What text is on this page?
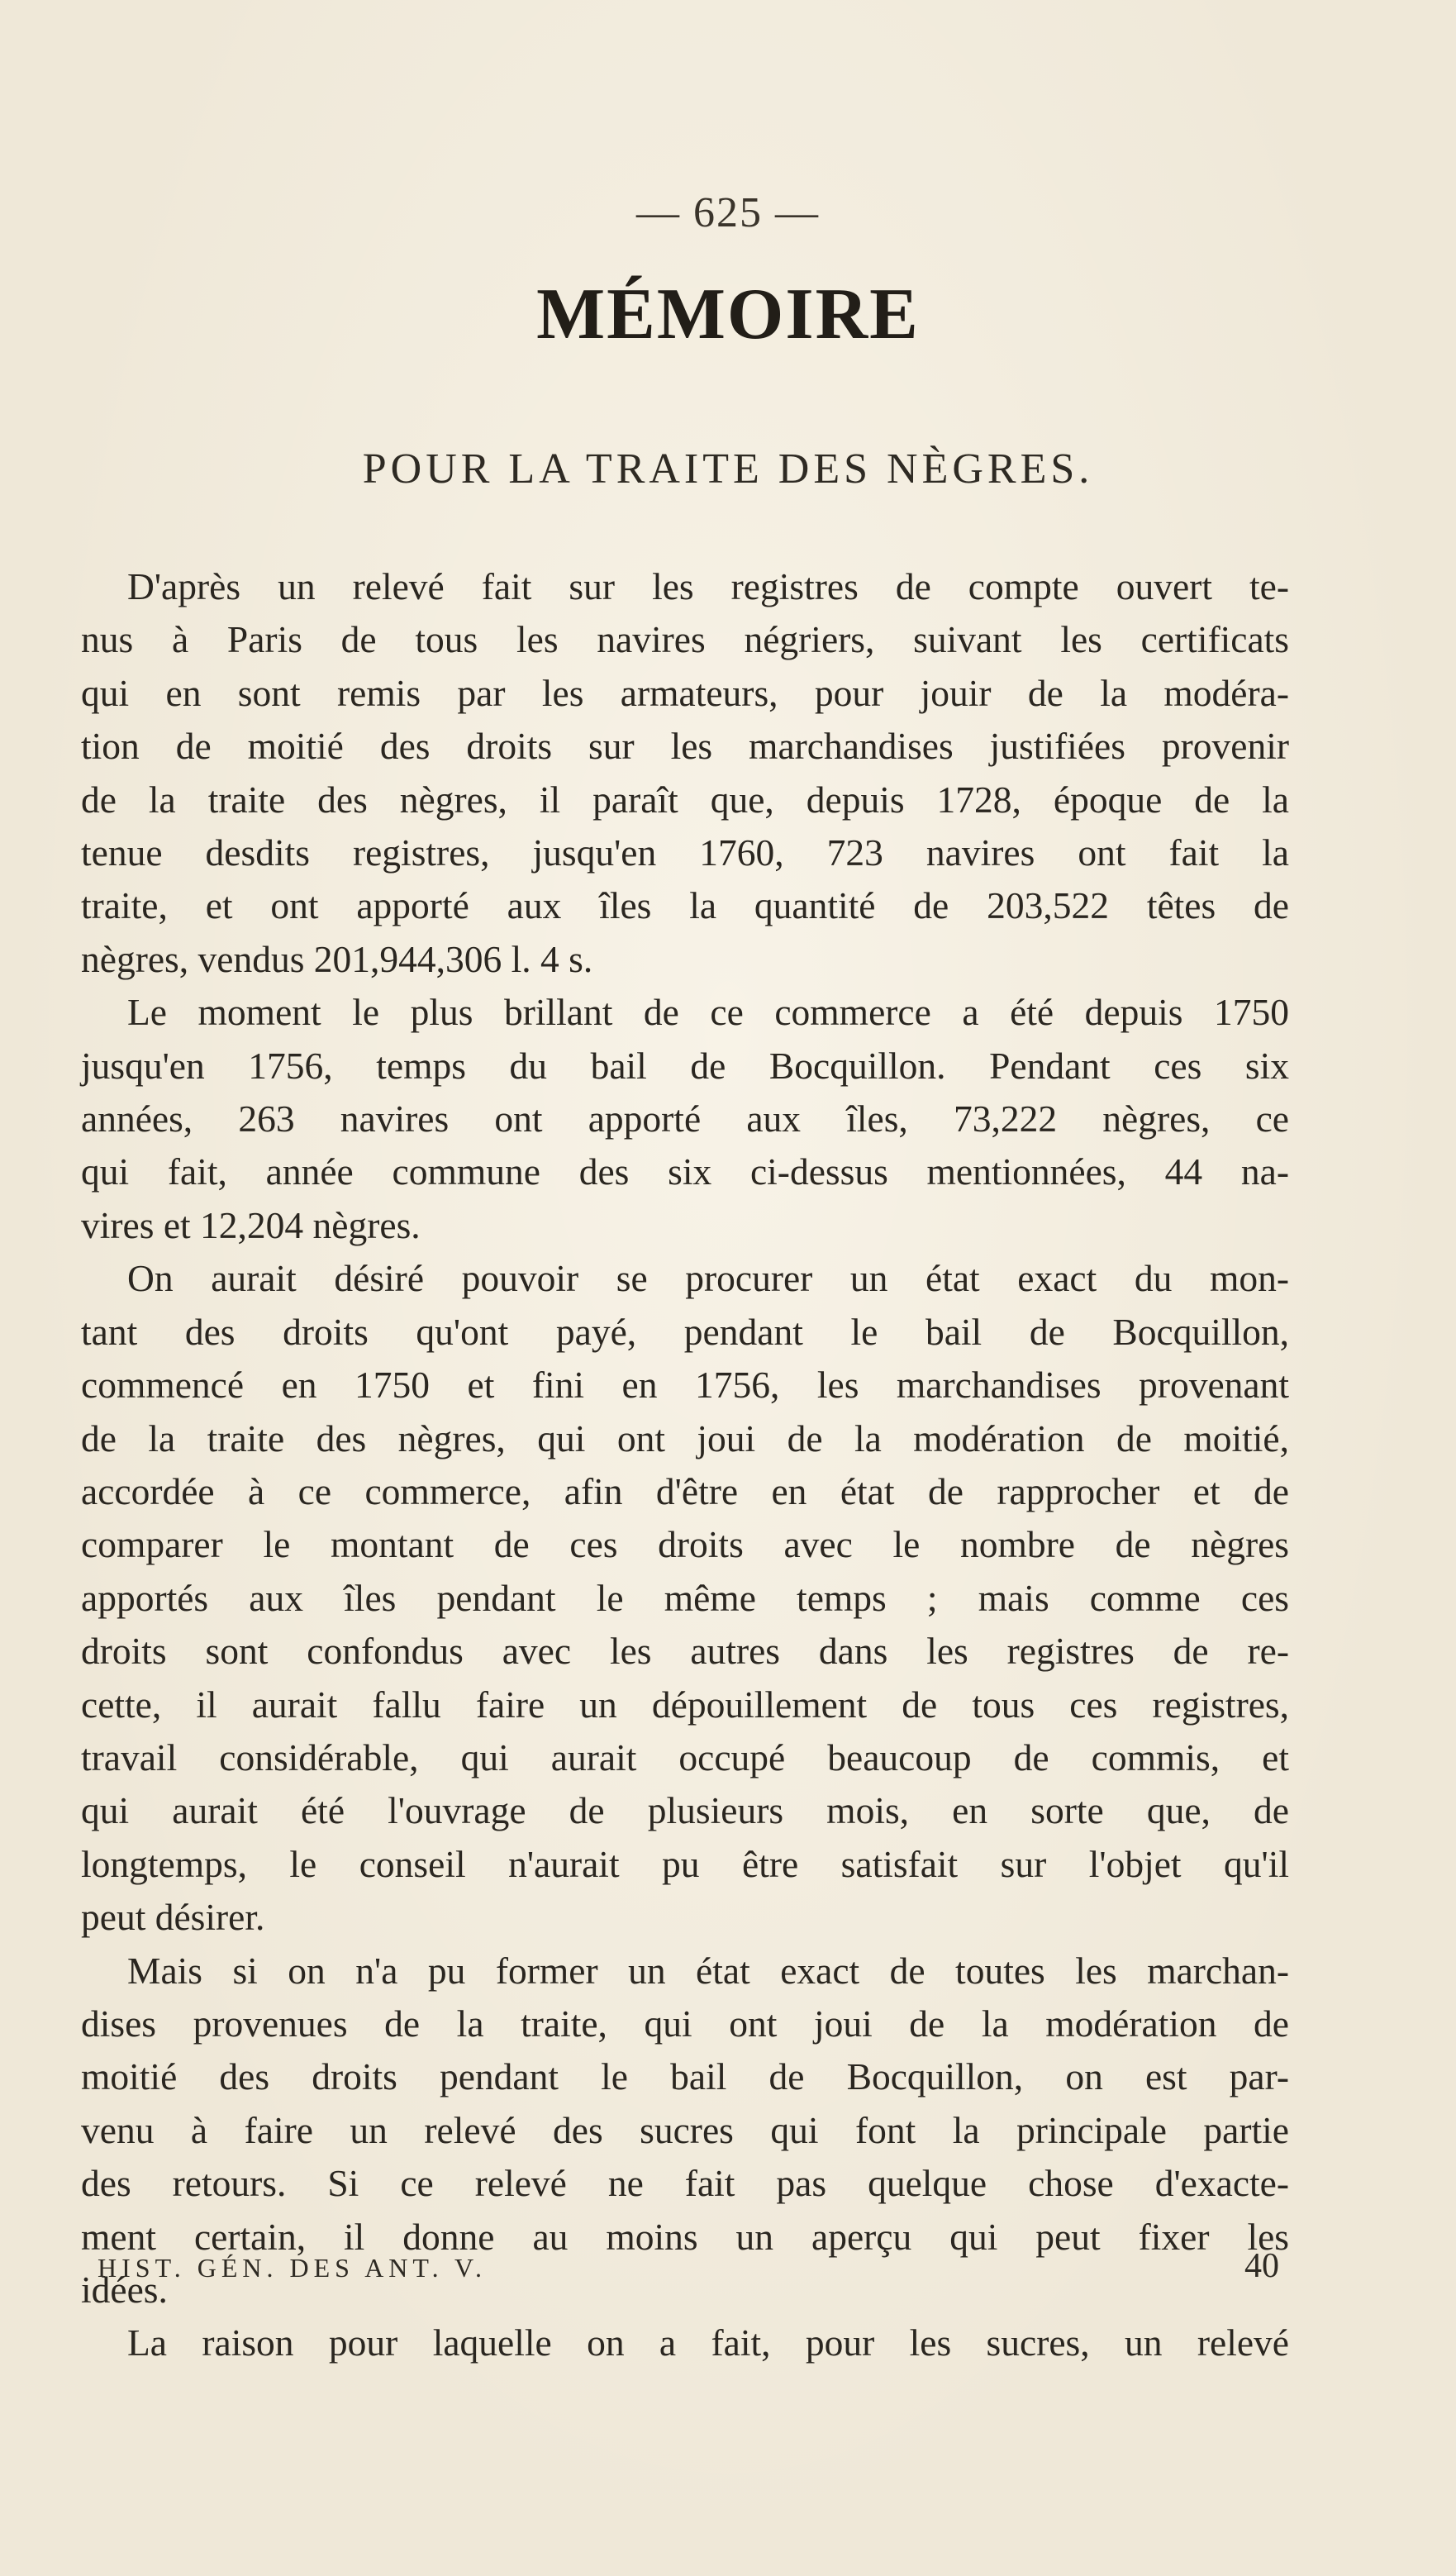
— 625 —
MÉMOIRE
POUR LA TRAITE DES NÈGRES.
D'après un relevé fait sur les registres de compte ouvert te-
nus à Paris de tous les navires négriers, suivant les certificats
qui en sont remis par les armateurs, pour jouir de la modéra-
tion de moitié des droits sur les marchandises justifiées provenir
de la traite des nègres, il paraît que, depuis 1728, époque de la
tenue desdits registres, jusqu'en 1760, 723 navires ont fait la
traite, et ont apporté aux îles la quantité de 203,522 têtes de
nègres, vendus 201,944,306 l. 4 s.
Le moment le plus brillant de ce commerce a été depuis 1750
jusqu'en 1756, temps du bail de Bocquillon. Pendant ces six
années, 263 navires ont apporté aux îles, 73,222 nègres, ce
qui fait, année commune des six ci-dessus mentionnées, 44 na-
vires et 12,204 nègres.
On aurait désiré pouvoir se procurer un état exact du mon-
tant des droits qu'ont payé, pendant le bail de Bocquillon,
commencé en 1750 et fini en 1756, les marchandises provenant
de la traite des nègres, qui ont joui de la modération de moitié,
accordée à ce commerce, afin d'être en état de rapprocher et de
comparer le montant de ces droits avec le nombre de nègres
apportés aux îles pendant le même temps ; mais comme ces
droits sont confondus avec les autres dans les registres de re-
cette, il aurait fallu faire un dépouillement de tous ces registres,
travail considérable, qui aurait occupé beaucoup de commis, et
qui aurait été l'ouvrage de plusieurs mois, en sorte que, de
longtemps, le conseil n'aurait pu être satisfait sur l'objet qu'il
peut désirer.
Mais si on n'a pu former un état exact de toutes les marchan-
dises provenues de la traite, qui ont joui de la modération de
moitié des droits pendant le bail de Bocquillon, on est par-
venu à faire un relevé des sucres qui font la principale partie
des retours. Si ce relevé ne fait pas quelque chose d'exacte-
ment certain, il donne au moins un aperçu qui peut fixer les
idées.
La raison pour laquelle on a fait, pour les sucres, un relevé
HIST. GÉN. DES ANT. V.	40
